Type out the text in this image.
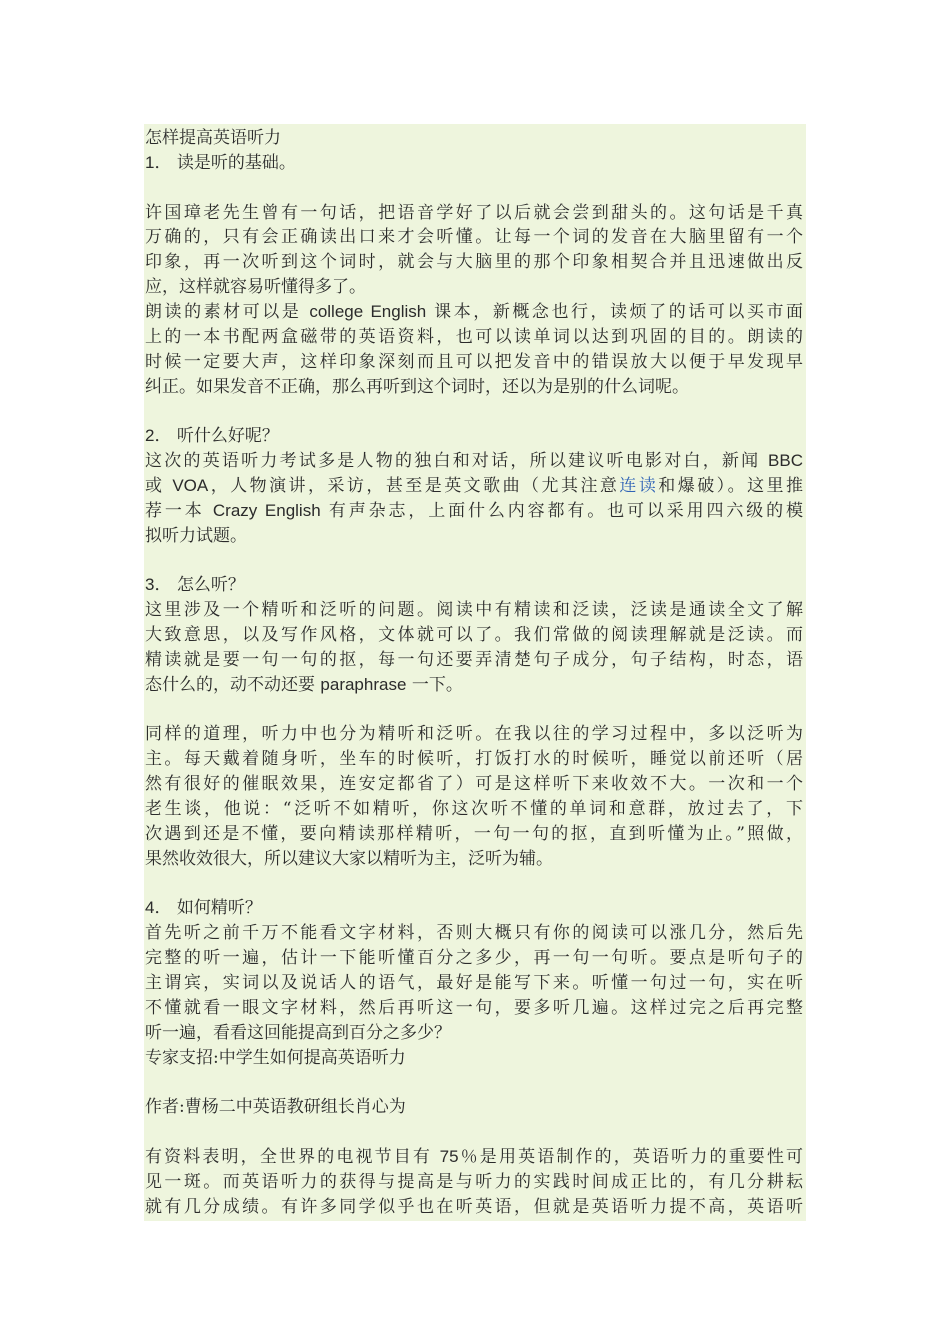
怎样提高英语听力
1． 读是听的基础。
许国璋老先生曾有一句话，把语音学好了以后就会尝到甜头的。这句话是千真
万确的，只有会正确读出口来才会听懂。让每一个词的发音在大脑里留有一个
印象，再一次听到这个词时，就会与大脑里的那个印象相契合并且迅速做出反
应，这样就容易听懂得多了。
朗读的素材可以是 college English 课本，新概念也行，读烦了的话可以买市面
上的一本书配两盒磁带的英语资料，也可以读单词以达到巩固的目的。朗读的
时候一定要大声，这样印象深刻而且可以把发音中的错误放大以便于早发现早
纠正。如果发音不正确，那么再听到这个词时，还以为是别的什么词呢。
2． 听什么好呢？
这次的英语听力考试多是人物的独白和对话，所以建议听电影对白，新闻 BBC
或 VOA，人物演讲，采访，甚至是英文歌曲（尤其注意连读和爆破）。这里推
荐一本 Crazy English 有声杂志，上面什么内容都有。也可以采用四六级的模
拟听力试题。
3． 怎么听？
这里涉及一个精听和泛听的问题。阅读中有精读和泛读，泛读是通读全文了解
大致意思，以及写作风格，文体就可以了。我们常做的阅读理解就是泛读。而
精读就是要一句一句的抠，每一句还要弄清楚句子成分，句子结构，时态，语
态什么的，动不动还要 paraphrase 一下。
同样的道理，听力中也分为精听和泛听。在我以往的学习过程中，多以泛听为
主。每天戴着随身听，坐车的时候听，打饭打水的时候听，睡觉以前还听（居
然有很好的催眠效果，连安定都省了）可是这样听下来收效不大。一次和一个
老生谈，他说：“泛听不如精听，你这次听不懂的单词和意群，放过去了，下
次遇到还是不懂，要向精读那样精听，一句一句的抠，直到听懂为止。”照做，
果然收效很大，所以建议大家以精听为主，泛听为辅。
4． 如何精听？
首先听之前千万不能看文字材料，否则大概只有你的阅读可以涨几分，然后先
完整的听一遍，估计一下能听懂百分之多少，再一句一句听。要点是听句子的
主谓宾，实词以及说话人的语气，最好是能写下来。听懂一句过一句，实在听
不懂就看一眼文字材料，然后再听这一句，要多听几遍。这样过完之后再完整
听一遍，看看这回能提高到百分之多少？
专家支招:中学生如何提高英语听力
作者:曹杨二中英语教研组长肖心为
有资料表明，全世界的电视节目有 75％是用英语制作的，英语听力的重要性可
见一斑。而英语听力的获得与提高是与听力的实践时间成正比的，有几分耕耘
就有几分成绩。有许多同学似乎也在听英语，但就是英语听力提不高，英语听
